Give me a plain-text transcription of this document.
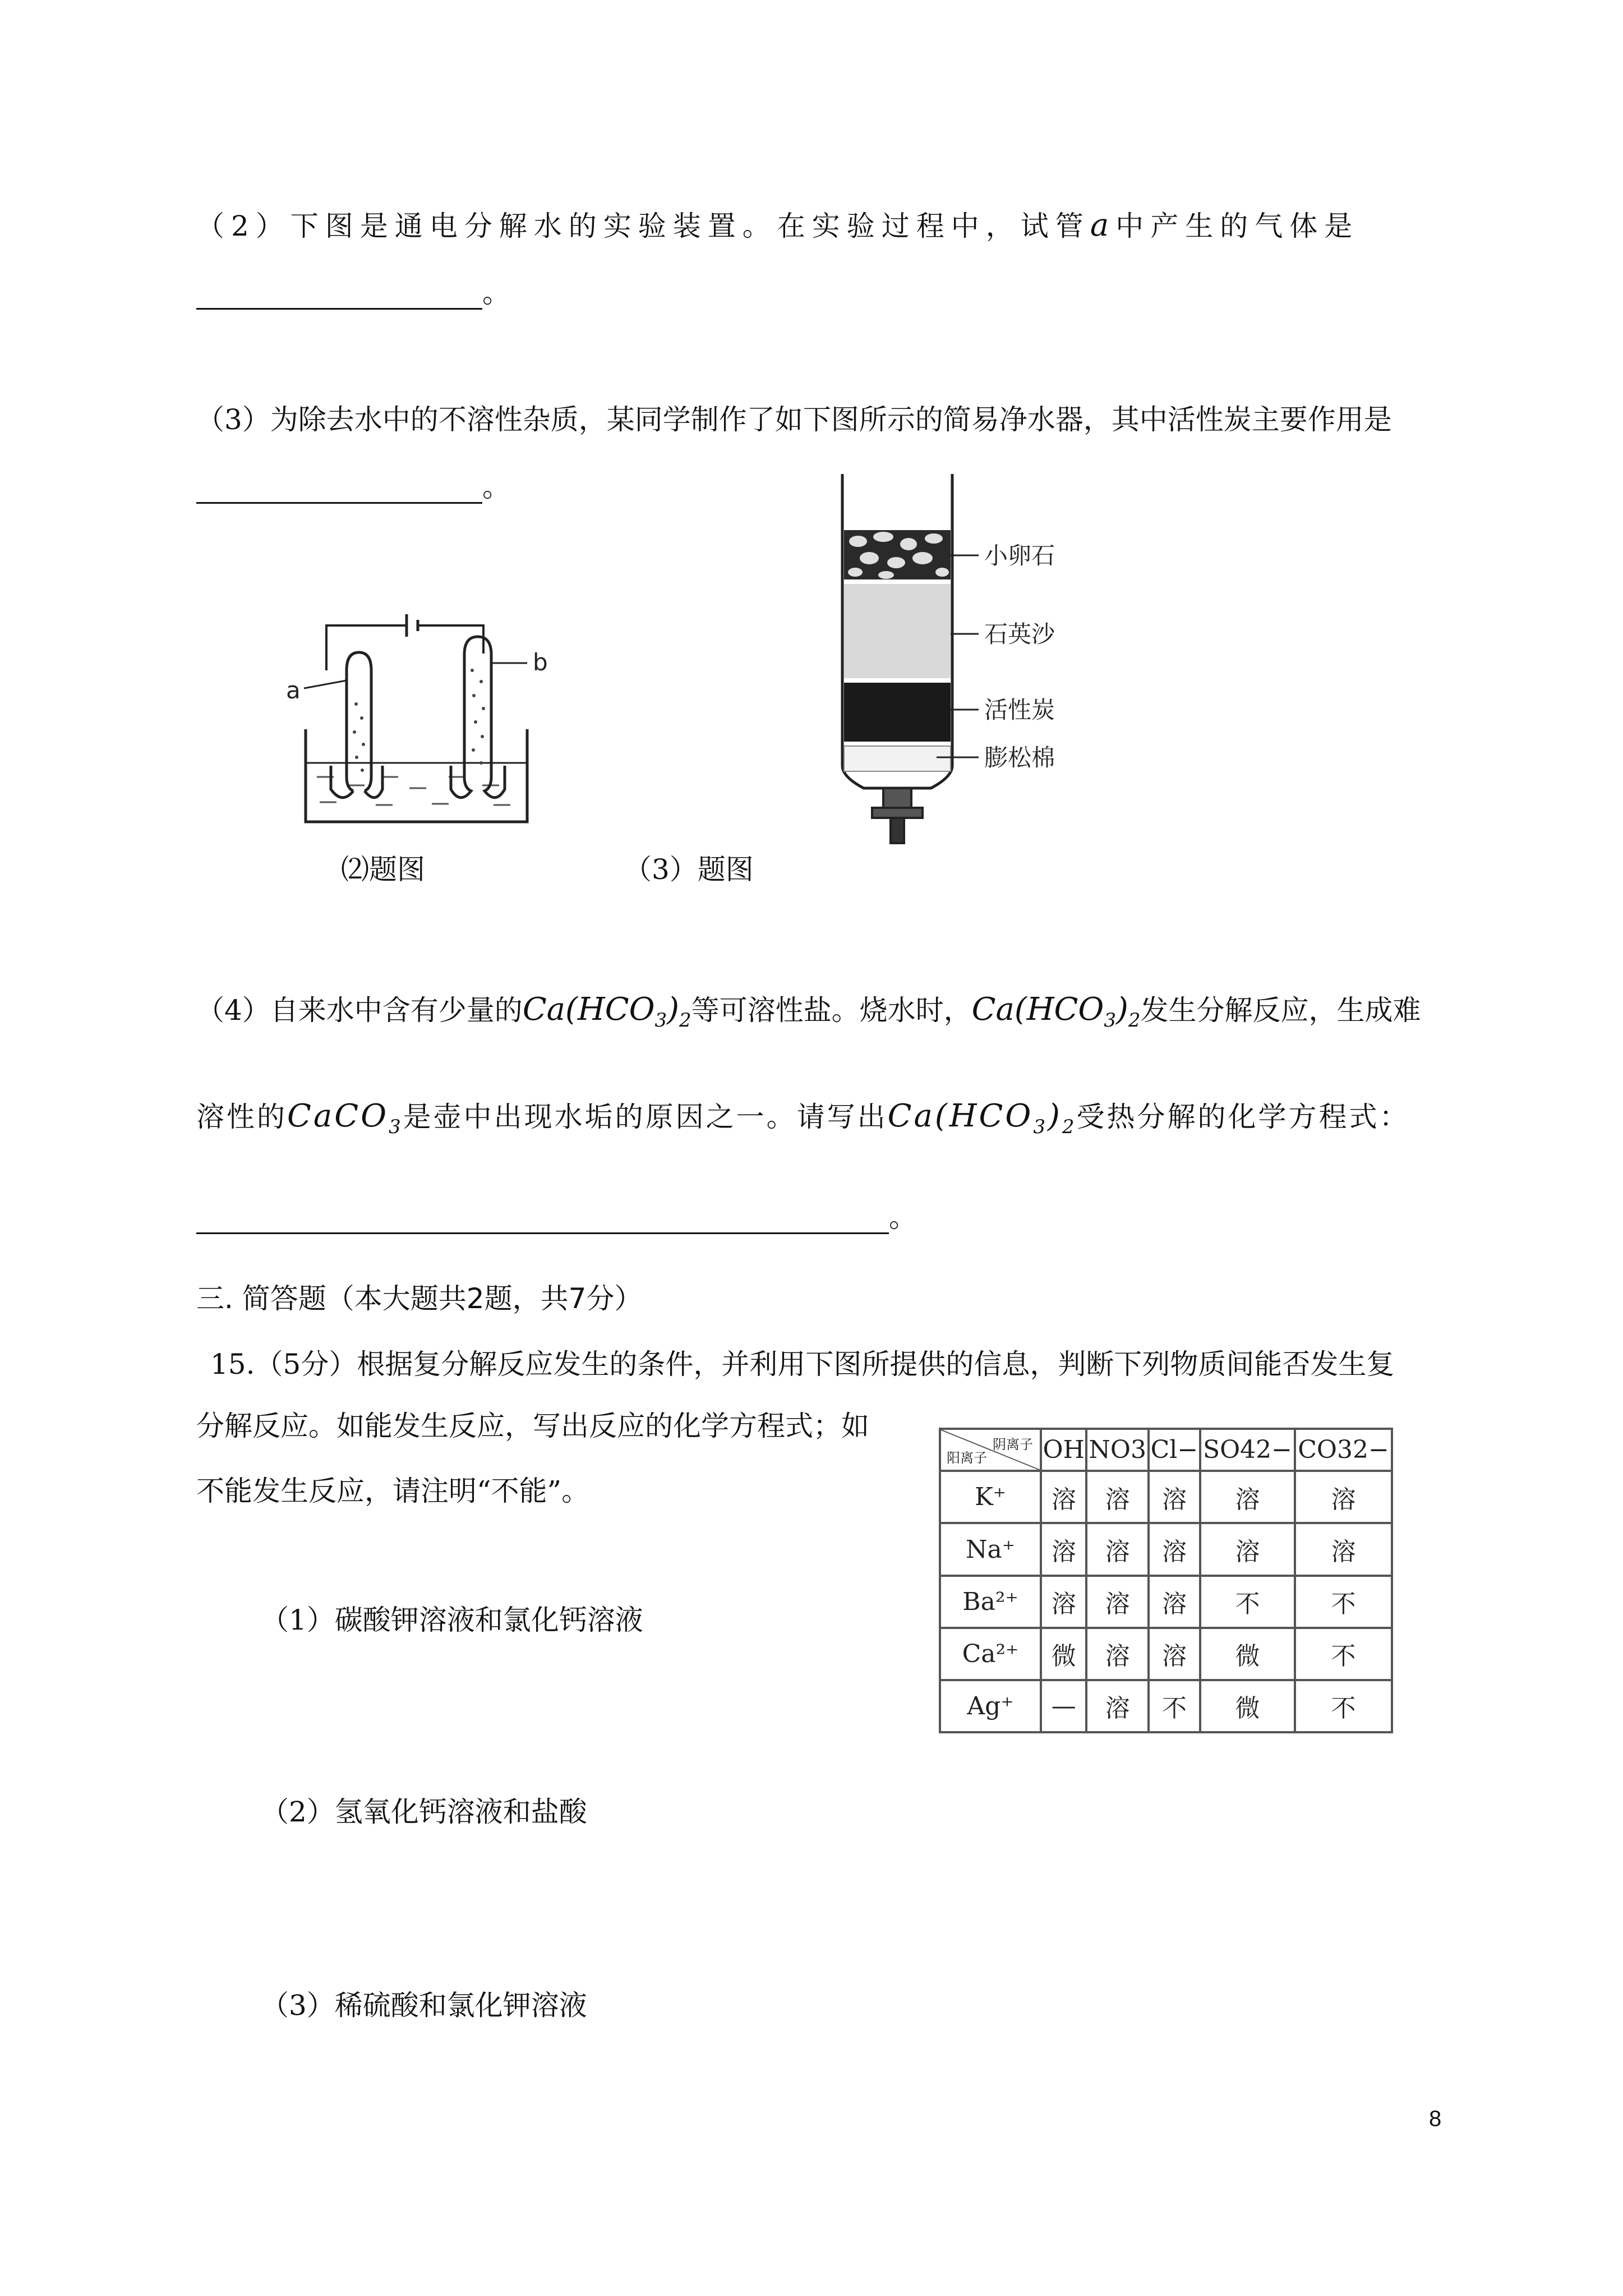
（2）下图是通电分解水的实验装置。在实验过程中，试管a中产生的气体是
。
（3）为除去水中的不溶性杂质，某同学制作了如下图所示的简易净水器，其中活性炭主要作用是
。
a
b
⑵题图
小卵石
石英沙
活性炭
膨松棉
（3）题图
（4）自来水中含有少量的$Ca(HCO_3)_2$等可溶性盐。烧水时，$Ca(HCO_3)_2$发生分解反应，生成难
溶性的CaCO$_3$是壶中出现水垢的原因之一。请写出$Ca(HCO_3)_2$受热分解的化学方程式：
。
三. 简答题（本大题共2题，共7分）
15.（5分）根据复分解反应发生的条件，并利用下图所提供的信息，判断下列物质间能否发生复
分解反应。如能发生反应，写出反应的化学方程式；如
不能发生反应，请注明“不能”。
（1）碳酸钾溶液和氯化钙溶液
（2）氢氧化钙溶液和盐酸
（3）稀硫酸和氯化钾溶液
阴离子
阳离子	OH	NO3	Cl−	SO42−	CO32−
K⁺	溶	溶	溶	溶	溶
Na⁺	溶	溶	溶	溶	溶
Ba²⁺	溶	溶	溶	不	不
Ca²⁺	微	溶	溶	微	不
Ag⁺	—	溶	不	微	不
8
